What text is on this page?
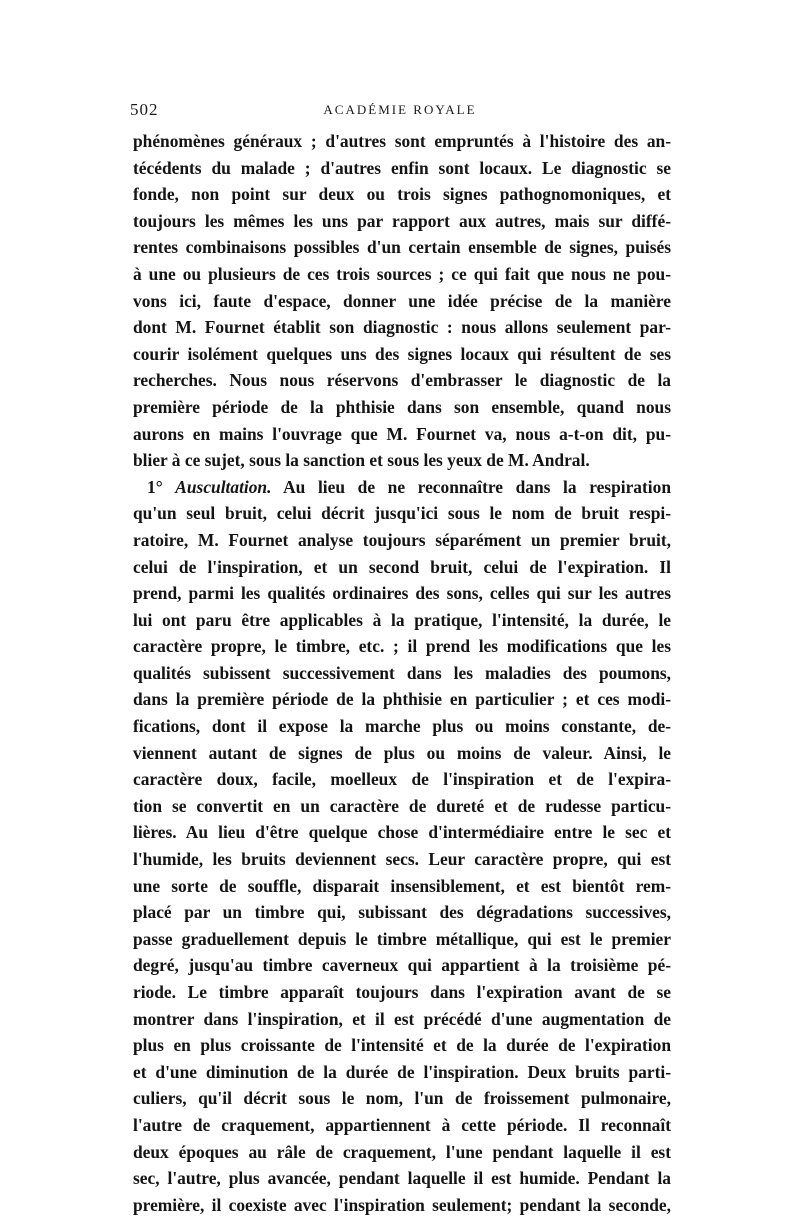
502	ACADÉMIE ROYALE
phénomènes généraux ; d'autres sont empruntés à l'histoire des an-
técédents du malade ; d'autres enfin sont locaux. Le diagnostic se
fonde, non point sur deux ou trois signes pathognomoniques, et
toujours les mêmes les uns par rapport aux autres, mais sur diffé-
rentes combinaisons possibles d'un certain ensemble de signes, puisés
à une ou plusieurs de ces trois sources ; ce qui fait que nous ne pou-
vons ici, faute d'espace, donner une idée précise de la manière
dont M. Fournet établit son diagnostic : nous allons seulement par-
courir isolément quelques uns des signes locaux qui résultent de ses
recherches. Nous nous réservons d'embrasser le diagnostic de la
première période de la phthisie dans son ensemble, quand nous
aurons en mains l'ouvrage que M. Fournet va, nous a-t-on dit, pu-
blier à ce sujet, sous la sanction et sous les yeux de M. Andral.
1° Auscultation. Au lieu de ne reconnaître dans la respiration
qu'un seul bruit, celui décrit jusqu'ici sous le nom de bruit respi-
ratoire, M. Fournet analyse toujours séparément un premier bruit,
celui de l'inspiration, et un second bruit, celui de l'expiration. Il
prend, parmi les qualités ordinaires des sons, celles qui sur les autres
lui ont paru être applicables à la pratique, l'intensité, la durée, le
caractère propre, le timbre, etc. ; il prend les modifications que les
qualités subissent successivement dans les maladies des poumons,
dans la première période de la phthisie en particulier ; et ces modi-
fications, dont il expose la marche plus ou moins constante, de-
viennent autant de signes de plus ou moins de valeur. Ainsi, le
caractère doux, facile, moelleux de l'inspiration et de l'expira-
tion se convertit en un caractère de dureté et de rudesse particu-
lières. Au lieu d'être quelque chose d'intermédiaire entre le sec et
l'humide, les bruits deviennent secs. Leur caractère propre, qui est
une sorte de souffle, disparait insensiblement, et est bientôt rem-
placé par un timbre qui, subissant des dégradations successives,
passe graduellement depuis le timbre métallique, qui est le premier
degré, jusqu'au timbre caverneux qui appartient à la troisième pé-
riode. Le timbre apparaît toujours dans l'expiration avant de se
montrer dans l'inspiration, et il est précédé d'une augmentation de
plus en plus croissante de l'intensité et de la durée de l'expiration
et d'une diminution de la durée de l'inspiration. Deux bruits parti-
culiers, qu'il décrit sous le nom, l'un de froissement pulmonaire,
l'autre de craquement, appartiennent à cette période. Il reconnaît
deux époques au râle de craquement, l'une pendant laquelle il est
sec, l'autre, plus avancée, pendant laquelle il est humide. Pendant la
première, il coexiste avec l'inspiration seulement; pendant la seconde,
